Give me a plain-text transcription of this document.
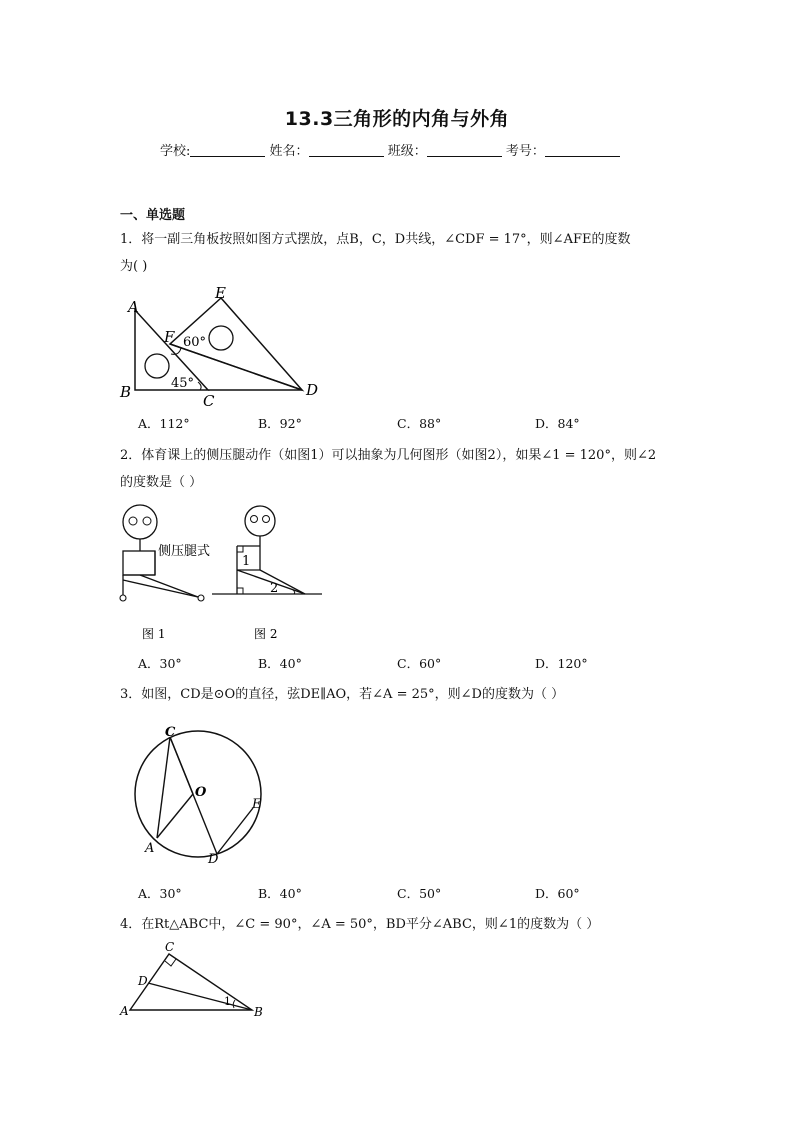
13.3三角形的内角与外角
学校:	姓名：	班级：	考号：
一、单选题
1．将一副三角板按照如图方式摆放，点B，C，D共线，∠CDF = 17°，则∠AFE的度数
为( )
A
B	C
D
E
F 60°
45°
A．112°	B．92°	C．88°	D．84°
2．体育课上的侧压腿动作（如图1）可以抽象为几何图形（如图2），如果∠1 = 120°，则∠2
的度数是（ ）
侧压腿式
1
2
图 1	图 2
A．30°	B．40°	C．60°	D．120°
3．如图，CD是⊙O的直径，弦DE∥AO，若∠A = 25°，则∠D的度数为（ ）
C
O
E
A
D
A．30°	B．40°	C．50°	D．60°
4．在Rt△ABC中，∠C = 90°，∠A = 50°，BD平分∠ABC，则∠1的度数为（ ）
C
D
A	B
1
